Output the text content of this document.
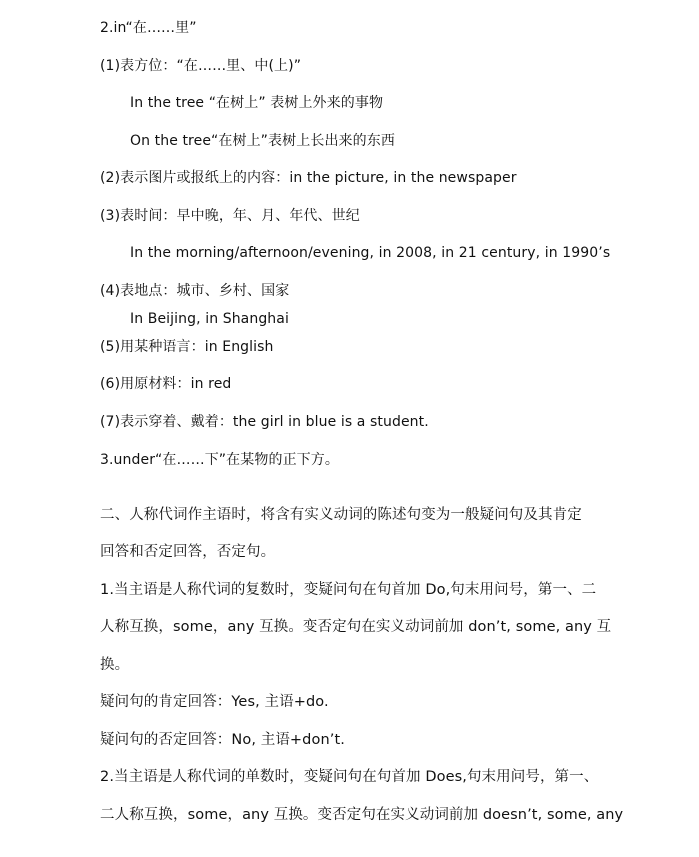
2.in“在……里”
(1)表方位：“在……里、中(上)”
In the tree “在树上” 表树上外来的事物
On the tree“在树上”表树上长出来的东西
(2)表示图片或报纸上的内容：in the picture, in the newspaper
(3)表时间：早中晚，年、月、年代、世纪
In the morning/afternoon/evening, in 2008, in 21 century, in 1990’s
(4)表地点：城市、乡村、国家
In Beijing, in Shanghai
(5)用某种语言：in English
(6)用原材料：in red
(7)表示穿着、戴着：the girl in blue is a student.
3.under“在……下”在某物的正下方。
二、人称代词作主语时，将含有实义动词的陈述句变为一般疑问句及其肯定
回答和否定回答，否定句。
1.当主语是人称代词的复数时，变疑问句在句首加 Do,句末用问号，第一、二
人称互换，some，any 互换。变否定句在实义动词前加 don’t, some, any 互
换。
疑问句的肯定回答：Yes, 主语+do.
疑问句的否定回答：No, 主语+don’t.
2.当主语是人称代词的单数时，变疑问句在句首加 Does,句末用问号，第一、
二人称互换，some，any 互换。变否定句在实义动词前加 doesn’t, some, any
